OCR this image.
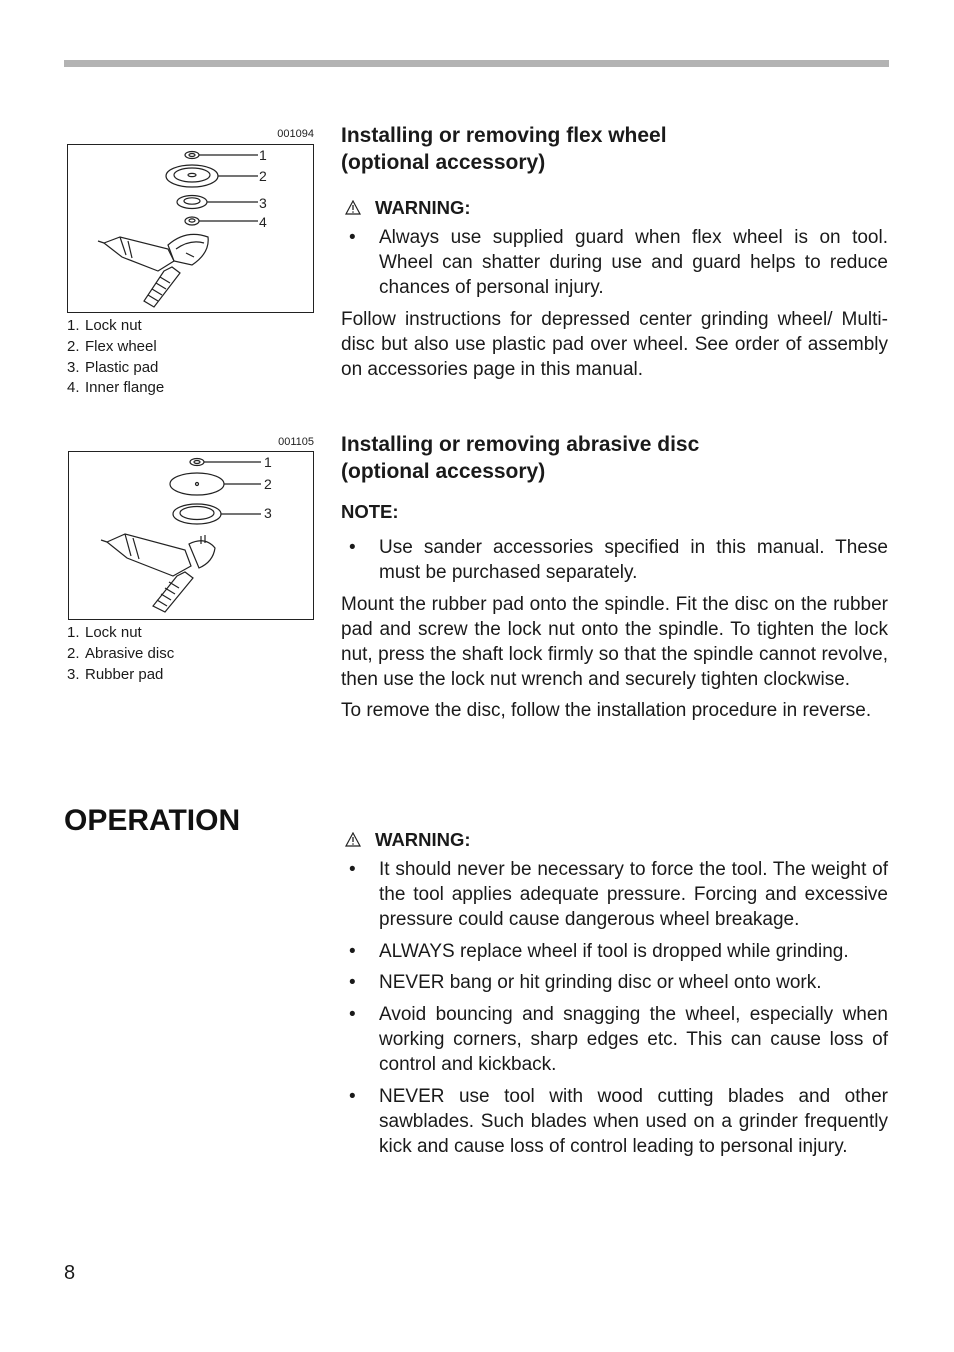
001094
1
2
3
4
1. Lock nut
2. Flex wheel
3. Plastic pad
4. Inner flange
001105
1
2
3
1. Lock nut
2. Abrasive disc
3. Rubber pad
Installing or removing flex wheel
(optional accessory)
WARNING:
• Always use supplied guard when flex wheel is on tool. Wheel can shatter during use and guard helps to reduce chances of personal injury.

Follow instructions for depressed center grinding wheel/ Multi-disc but also use plastic pad over wheel. See order of assembly on accessories page in this manual.

Installing or removing abrasive disc
(optional accessory)
NOTE:
• Use sander accessories specified in this manual. These must be purchased separately.

Mount the rubber pad onto the spindle. Fit the disc on the rubber pad and screw the lock nut onto the spindle. To tighten the lock nut, press the shaft lock firmly so that the spindle cannot revolve, then use the lock nut wrench and securely tighten clockwise.

To remove the disc, follow the installation procedure in reverse.

OPERATION
WARNING:
• It should never be necessary to force the tool. The weight of the tool applies adequate pressure. Forcing and excessive pressure could cause dangerous wheel breakage.
• ALWAYS replace wheel if tool is dropped while grinding.
• NEVER bang or hit grinding disc or wheel onto work.
• Avoid bouncing and snagging the wheel, especially when working corners, sharp edges etc. This can cause loss of control and kickback.
• NEVER use tool with wood cutting blades and other sawblades. Such blades when used on a grinder frequently kick and cause loss of control leading to personal injury.
8
